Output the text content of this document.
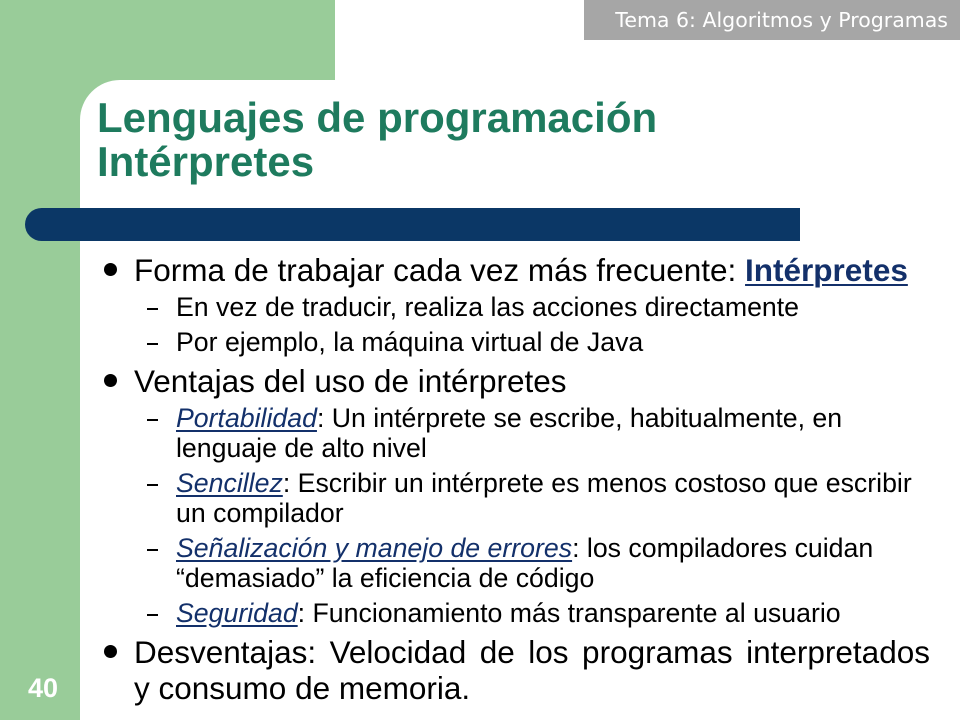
Tema 6: Algoritmos y Programas
Lenguajes de programación
Intérpretes
Forma de trabajar cada vez más frecuente: Intérpretes
En vez de traducir, realiza las acciones directamente
Por ejemplo, la máquina virtual de Java
Ventajas del uso de intérpretes
Portabilidad: Un intérprete se escribe, habitualmente, en lenguaje de alto nivel
Sencillez: Escribir un intérprete es menos costoso que escribir un compilador
Señalización y manejo de errores: los compiladores cuidan “demasiado” la eficiencia de código
Seguridad: Funcionamiento más transparente al usuario
Desventajas: Velocidad de los programas interpretados y consumo de memoria.
40
